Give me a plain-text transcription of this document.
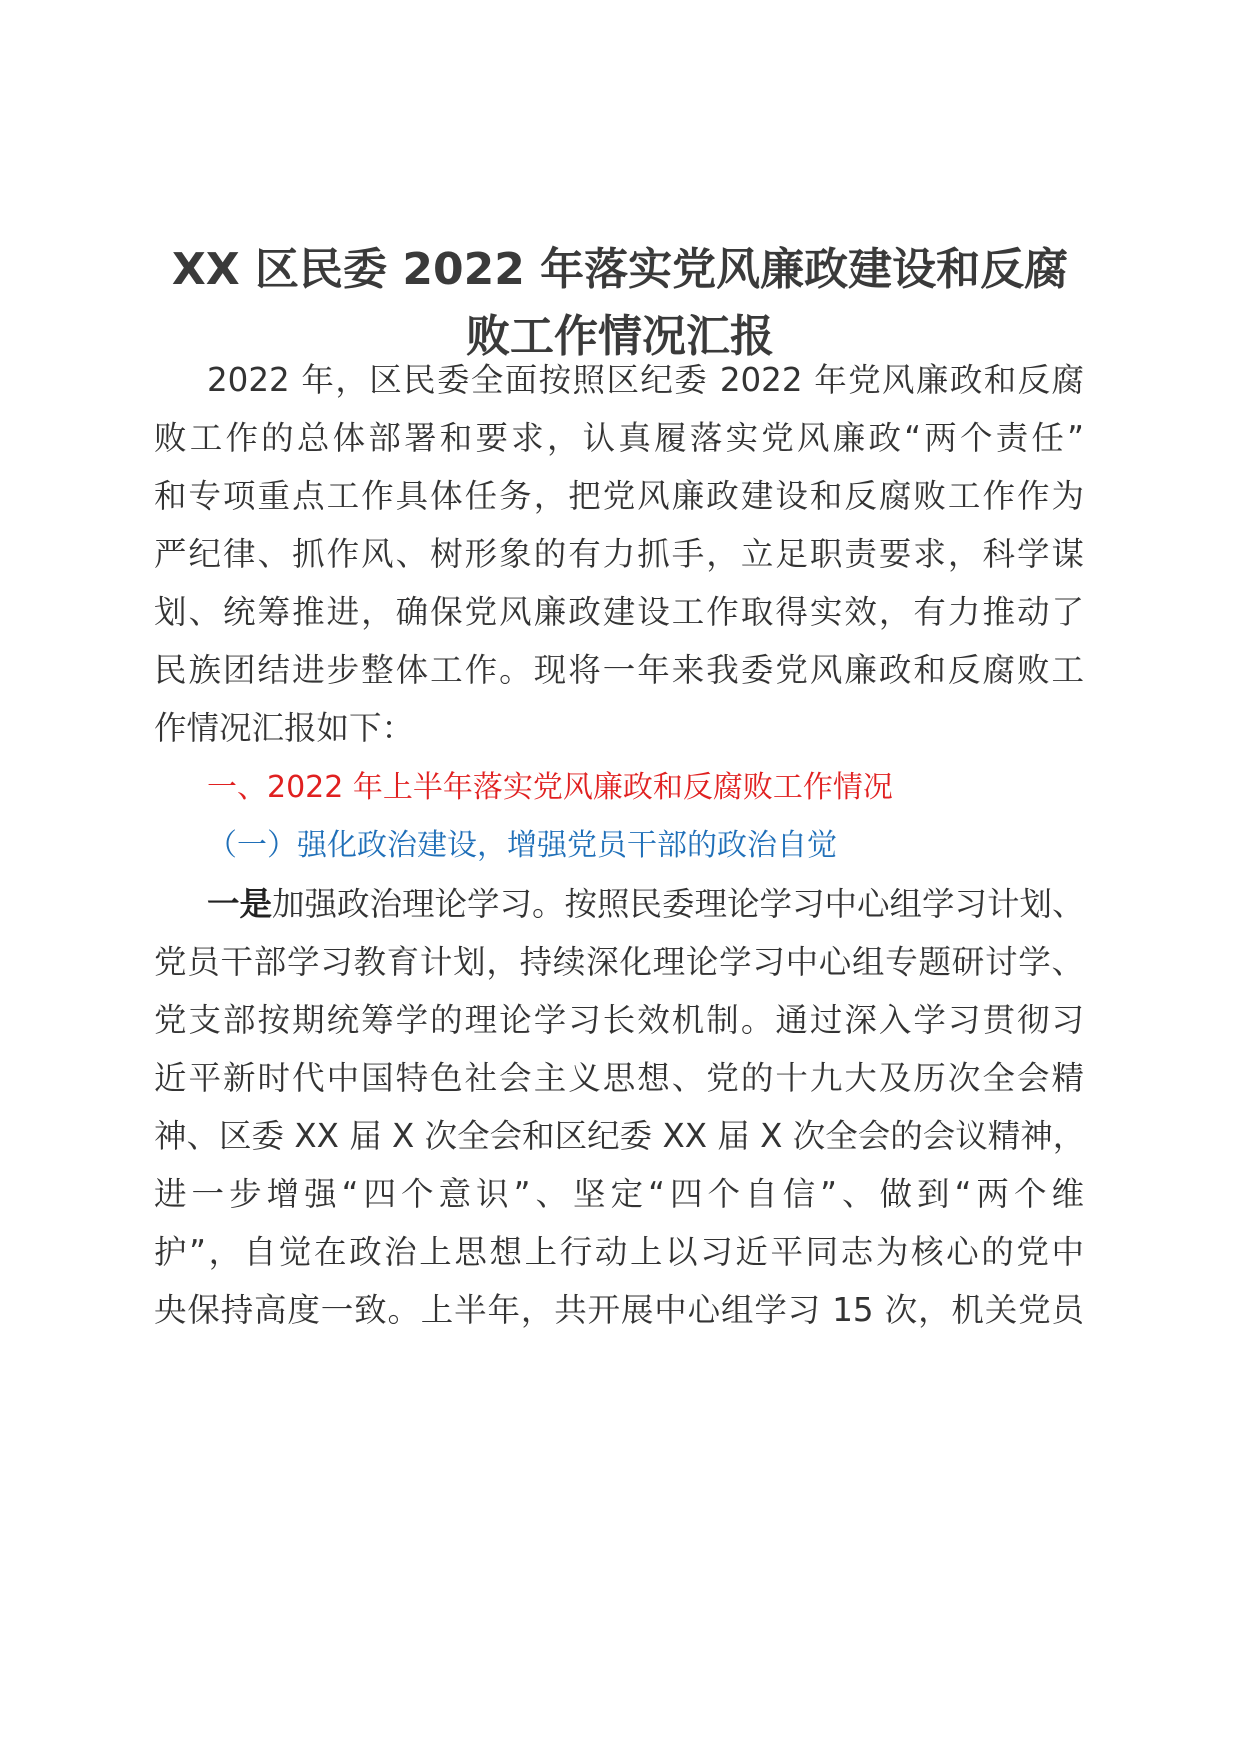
XX 区民委 2022 年落实党风廉政建设和反腐
败工作情况汇报
2022 年，区民委全面按照区纪委 2022 年党风廉政和反腐
败工作的总体部署和要求，认真履落实党风廉政“两个责任”
和专项重点工作具体任务，把党风廉政建设和反腐败工作作为
严纪律、抓作风、树形象的有力抓手，立足职责要求，科学谋
划、统筹推进，确保党风廉政建设工作取得实效，有力推动了
民族团结进步整体工作。现将一年来我委党风廉政和反腐败工
作情况汇报如下：
一、2022 年上半年落实党风廉政和反腐败工作情况
（一）强化政治建设，增强党员干部的政治自觉
一是加强政治理论学习。按照民委理论学习中心组学习计划、
党员干部学习教育计划，持续深化理论学习中心组专题研讨学、
党支部按期统筹学的理论学习长效机制。通过深入学习贯彻习
近平新时代中国特色社会主义思想、党的十九大及历次全会精
神、区委 XX 届 X 次全会和区纪委 XX 届 X 次全会的会议精神，
进一步增强“四个意识”、坚定“四个自信”、做到“两个维
护”，自觉在政治上思想上行动上以习近平同志为核心的党中
央保持高度一致。上半年，共开展中心组学习 15 次，机关党员
